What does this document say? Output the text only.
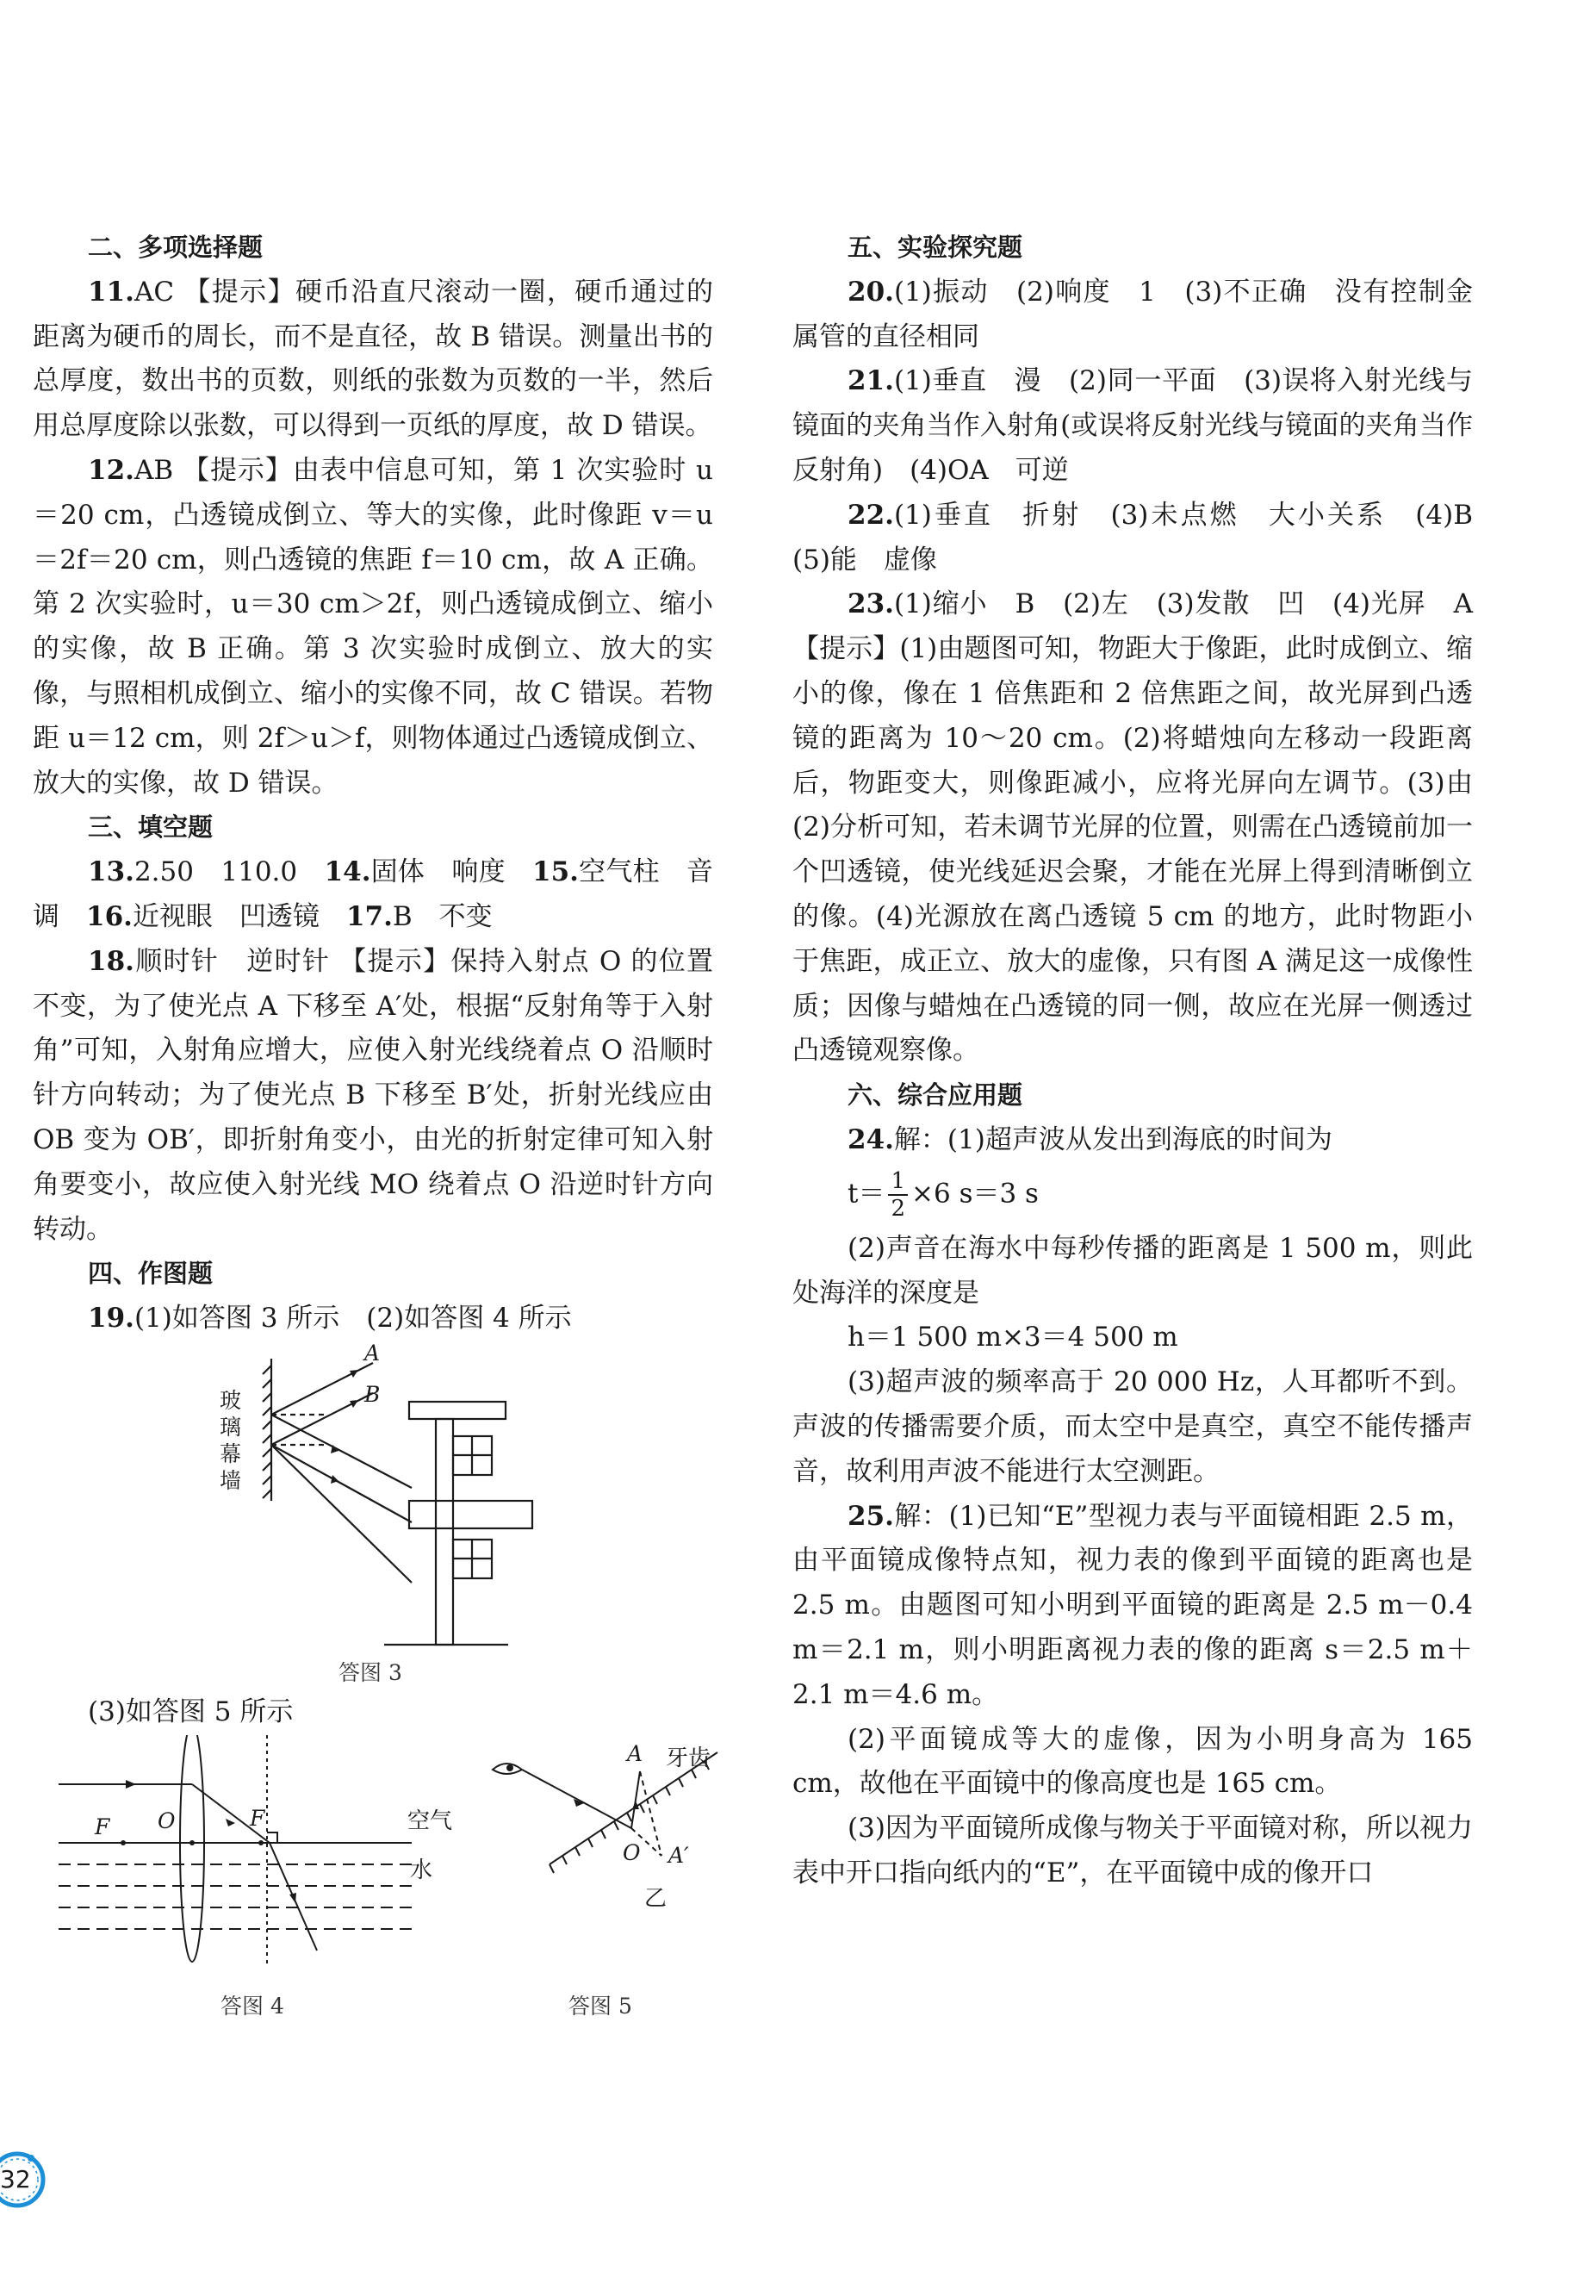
二、多项选择题

11.AC 【提示】硬币沿直尺滚动一圈，硬币通过的距离为硬币的周长，而不是直径，故 B 错误。测量出书的总厚度，数出书的页数，则纸的张数为页数的一半，然后用总厚度除以张数，可以得到一页纸的厚度，故 D 错误。

12.AB 【提示】由表中信息可知，第 1 次实验时 u＝20 cm，凸透镜成倒立、等大的实像，此时像距 v＝u＝2f＝20 cm，则凸透镜的焦距 f＝10 cm，故 A 正确。第 2 次实验时，u＝30 cm＞2f，则凸透镜成倒立、缩小的实像，故 B 正确。第 3 次实验时成倒立、放大的实像，与照相机成倒立、缩小的实像不同，故 C 错误。若物距 u＝12 cm，则 2f＞u＞f，则物体通过凸透镜成倒立、放大的实像，故 D 错误。

三、填空题

13.2.50　110.0　14.固体　响度　15.空气柱　音调　16.近视眼　凹透镜　17.B　不变

18.顺时针　逆时针 【提示】保持入射点 O 的位置不变，为了使光点 A 下移至 A′处，根据“反射角等于入射角”可知，入射角应增大，应使入射光线绕着点 O 沿顺时针方向转动；为了使光点 B 下移至 B′处，折射光线应由 OB 变为 OB′，即折射角变小，由光的折射定律可知入射角要变小，故应使入射光线 MO 绕着点 O 沿逆时针方向转动。

四、作图题

19.(1)如答图 3 所示　(2)如答图 4 所示

玻璃幕墙
A
B
答图 3

(3)如答图 5 所示

F O	F	空气
水
答图 4
A 牙齿
O A′
乙
答图 5

五、实验探究题

20.(1)振动　(2)响度　1　(3)不正确　没有控制金属管的直径相同

21.(1)垂直　漫　(2)同一平面　(3)误将入射光线与镜面的夹角当作入射角(或误将反射光线与镜面的夹角当作反射角)　(4)OA　可逆

22.(1)垂直　折射　(3)未点燃　大小关系　(4)B　(5)能　虚像

23.(1)缩小　B　(2)左　(3)发散　凹　(4)光屏　A 【提示】(1)由题图可知，物距大于像距，此时成倒立、缩小的像，像在 1 倍焦距和 2 倍焦距之间，故光屏到凸透镜的距离为 10～20 cm。(2)将蜡烛向左移动一段距离后，物距变大，则像距减小，应将光屏向左调节。(3)由(2)分析可知，若未调节光屏的位置，则需在凸透镜前加一个凹透镜，使光线延迟会聚，才能在光屏上得到清晰倒立的像。(4)光源放在离凸透镜 5 cm 的地方，此时物距小于焦距，成正立、放大的虚像，只有图 A 满足这一成像性质；因像与蜡烛在凸透镜的同一侧，故应在光屏一侧透过凸透镜观察像。

六、综合应用题

24.解：(1)超声波从发出到海底的时间为

$t= \frac{1}{2} \times 6$ s＝3 s

(2)声音在海水中每秒传播的距离是 1 500 m，则此处海洋的深度是

h＝1 500 m×3＝4 500 m

(3)超声波的频率高于 20 000 Hz，人耳都听不到。声波的传播需要介质，而太空中是真空，真空不能传播声音，故利用声波不能进行太空测距。

25.解：(1)已知“E”型视力表与平面镜相距 2.5 m，由平面镜成像特点知，视力表的像到平面镜的距离也是 2.5 m。由题图可知小明到平面镜的距离是 2.5 m－0.4 m＝2.1 m，则小明距离视力表的像的距离 s＝2.5 m＋2.1 m＝4.6 m。

(2)平面镜成等大的虚像，因为小明身高为 165 cm，故他在平面镜中的像高度也是 165 cm。

(3)因为平面镜所成像与物关于平面镜对称，所以视力表中开口指向纸内的“E”，在平面镜中成的像开口

32
